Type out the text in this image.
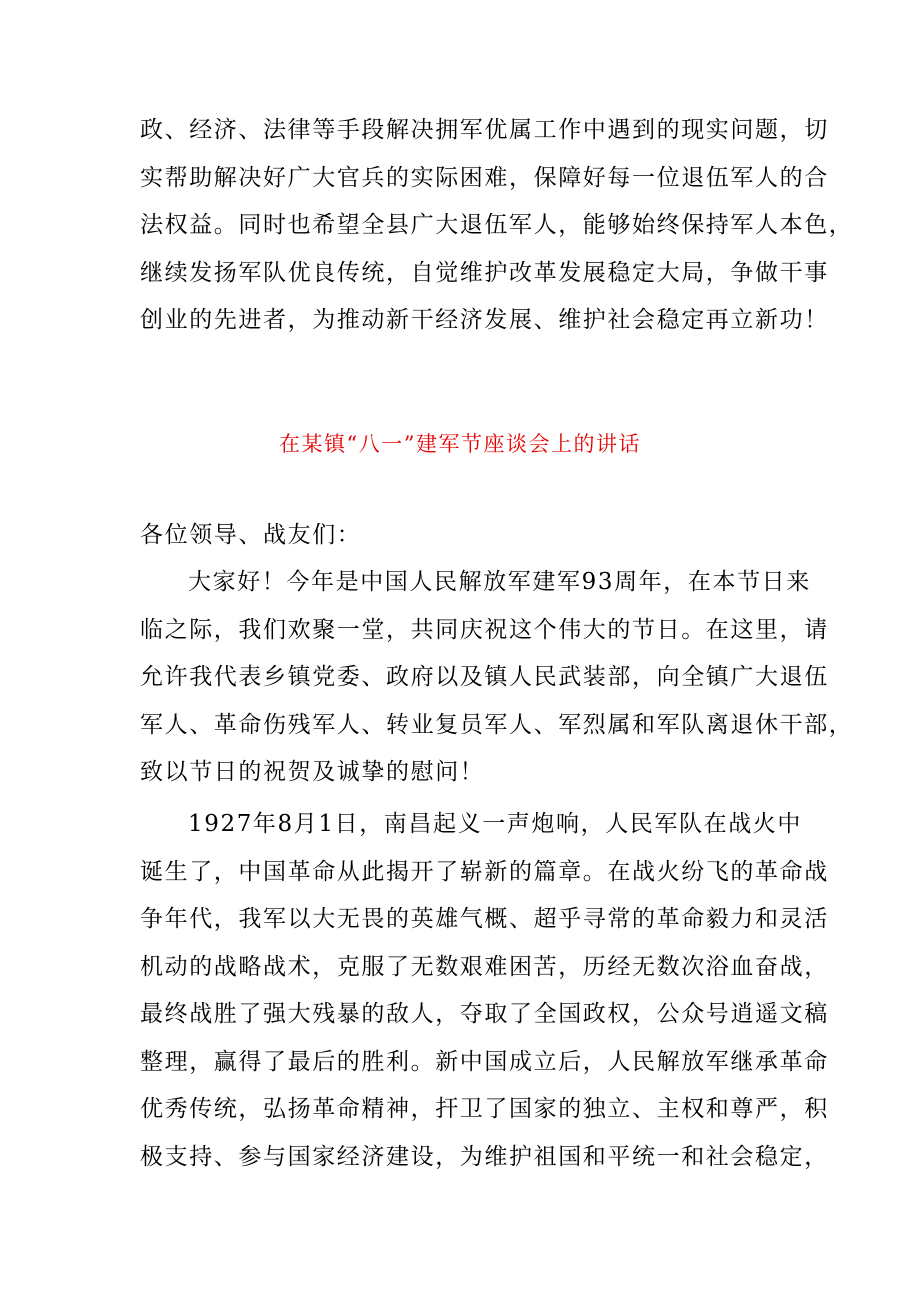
政、经济、法律等手段解决拥军优属工作中遇到的现实问题，切
实帮助解决好广大官兵的实际困难，保障好每一位退伍军人的合
法权益。同时也希望全县广大退伍军人，能够始终保持军人本色，
继续发扬军队优良传统，自觉维护改革发展稳定大局，争做干事
创业的先进者，为推动新干经济发展、维护社会稳定再立新功！
在某镇“八一”建军节座谈会上的讲话
各位领导、战友们：
大家好！今年是中国人民解放军建军93周年，在本节日来
临之际，我们欢聚一堂，共同庆祝这个伟大的节日。在这里，请
允许我代表乡镇党委、政府以及镇人民武装部，向全镇广大退伍
军人、革命伤残军人、转业复员军人、军烈属和军队离退休干部，
致以节日的祝贺及诚挚的慰问！
1927年8月1日，南昌起义一声炮响，人民军队在战火中
诞生了，中国革命从此揭开了崭新的篇章。在战火纷飞的革命战
争年代，我军以大无畏的英雄气概、超乎寻常的革命毅力和灵活
机动的战略战术，克服了无数艰难困苦，历经无数次浴血奋战，
最终战胜了强大残暴的敌人，夺取了全国政权，公众号逍遥文稿
整理，赢得了最后的胜利。新中国成立后，人民解放军继承革命
优秀传统，弘扬革命精神，扞卫了国家的独立、主权和尊严，积
极支持、参与国家经济建设，为维护祖国和平统一和社会稳定，
